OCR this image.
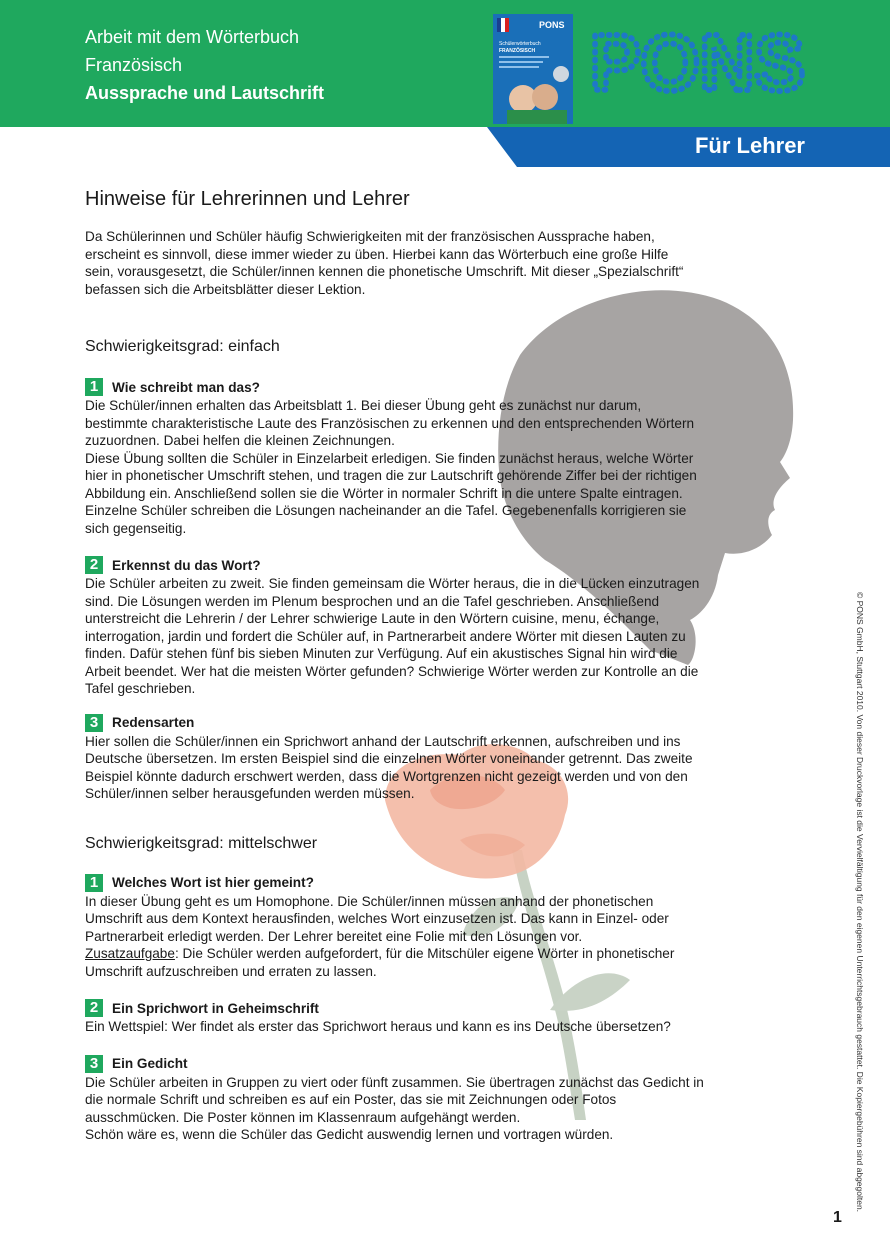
Arbeit mit dem Wörterbuch
Französisch
Aussprache und Lautschrift
PONS
Schülerwörterbuch
FRANZÖSISCH PONS
Für Lehrer
Hinweise für Lehrerinnen und Lehrer

Da Schülerinnen und Schüler häufig Schwierigkeiten mit der französischen Aussprache haben, erscheint es sinnvoll, diese immer wieder zu üben. Hierbei kann das Wörterbuch eine große Hilfe sein, vorausgesetzt, die Schüler/innen kennen die phonetische Umschrift. Mit dieser „Spezialschrift“ befassen sich die Arbeitsblätter dieser Lektion.

Schwierigkeitsgrad: einfach
1	Wie schreibt man das?

Die Schüler/innen erhalten das Arbeitsblatt 1. Bei dieser Übung geht es zunächst nur darum, bestimmte charakteristische Laute des Französischen zu erkennen und den entsprechenden Wörtern zuzuordnen. Dabei helfen die kleinen Zeichnungen.

Diese Übung sollten die Schüler in Einzelarbeit erledigen. Sie finden zunächst heraus, welche Wörter hier in phonetischer Umschrift stehen, und tragen die zur Lautschrift gehörende Ziffer bei der richtigen Abbildung ein. Anschließend sollen sie die Wörter in normaler Schrift in die untere Spalte eintragen. Einzelne Schüler schreiben die Lösungen nacheinander an die Tafel. Gegebenenfalls korrigieren sie sich gegenseitig.

2	Erkennst du das Wort?

Die Schüler arbeiten zu zweit. Sie finden gemeinsam die Wörter heraus, die in die Lücken einzutragen sind. Die Lösungen werden im Plenum besprochen und an die Tafel geschrieben. Anschließend unterstreicht die Lehrerin / der Lehrer schwierige Laute in den Wörtern cuisine, menu, échange, interrogation, jardin und fordert die Schüler auf, in Partnerarbeit andere Wörter mit diesen Lauten zu finden. Dafür stehen fünf bis sieben Minuten zur Verfügung. Auf ein akustisches Signal hin wird die Arbeit beendet. Wer hat die meisten Wörter gefunden? Schwierige Wörter werden zur Kontrolle an die Tafel geschrieben.

3	Redensarten

Hier sollen die Schüler/innen ein Sprichwort anhand der Lautschrift erkennen, aufschreiben und ins Deutsche übersetzen. Im ersten Beispiel sind die einzelnen Wörter voneinander getrennt. Das zweite Beispiel könnte dadurch erschwert werden, dass die Wortgrenzen nicht gezeigt werden und von den Schüler/innen selber herausgefunden werden müssen.

Schwierigkeitsgrad: mittelschwer
1	Welches Wort ist hier gemeint?

In dieser Übung geht es um Homophone. Die Schüler/innen müssen anhand der phonetischen Umschrift aus dem Kontext herausfinden, welches Wort einzusetzen ist. Das kann in Einzel- oder Partnerarbeit erledigt werden. Der Lehrer bereitet eine Folie mit den Lösungen vor.

Zusatzaufgabe: Die Schüler werden aufgefordert, für die Mitschüler eigene Wörter in phonetischer Umschrift aufzuschreiben und erraten zu lassen.

2	Ein Sprichwort in Geheimschrift

Ein Wettspiel: Wer findet als erster das Sprichwort heraus und kann es ins Deutsche übersetzen?

3	Ein Gedicht

Die Schüler arbeiten in Gruppen zu viert oder fünft zusammen. Sie übertragen zunächst das Gedicht in die normale Schrift und schreiben es auf ein Poster, das sie mit Zeichnungen oder Fotos ausschmücken. Die Poster können im Klassenraum aufgehängt werden.

Schön wäre es, wenn die Schüler das Gedicht auswendig lernen und vortragen würden.	© PONS GmbH, Stuttgart 2010. Von dieser Druckvorlage ist die Vervielfältigung für den eigenen Unterrichtsgebrauch gestattet. Die Kopiergebühren sind abgegolten.
1
